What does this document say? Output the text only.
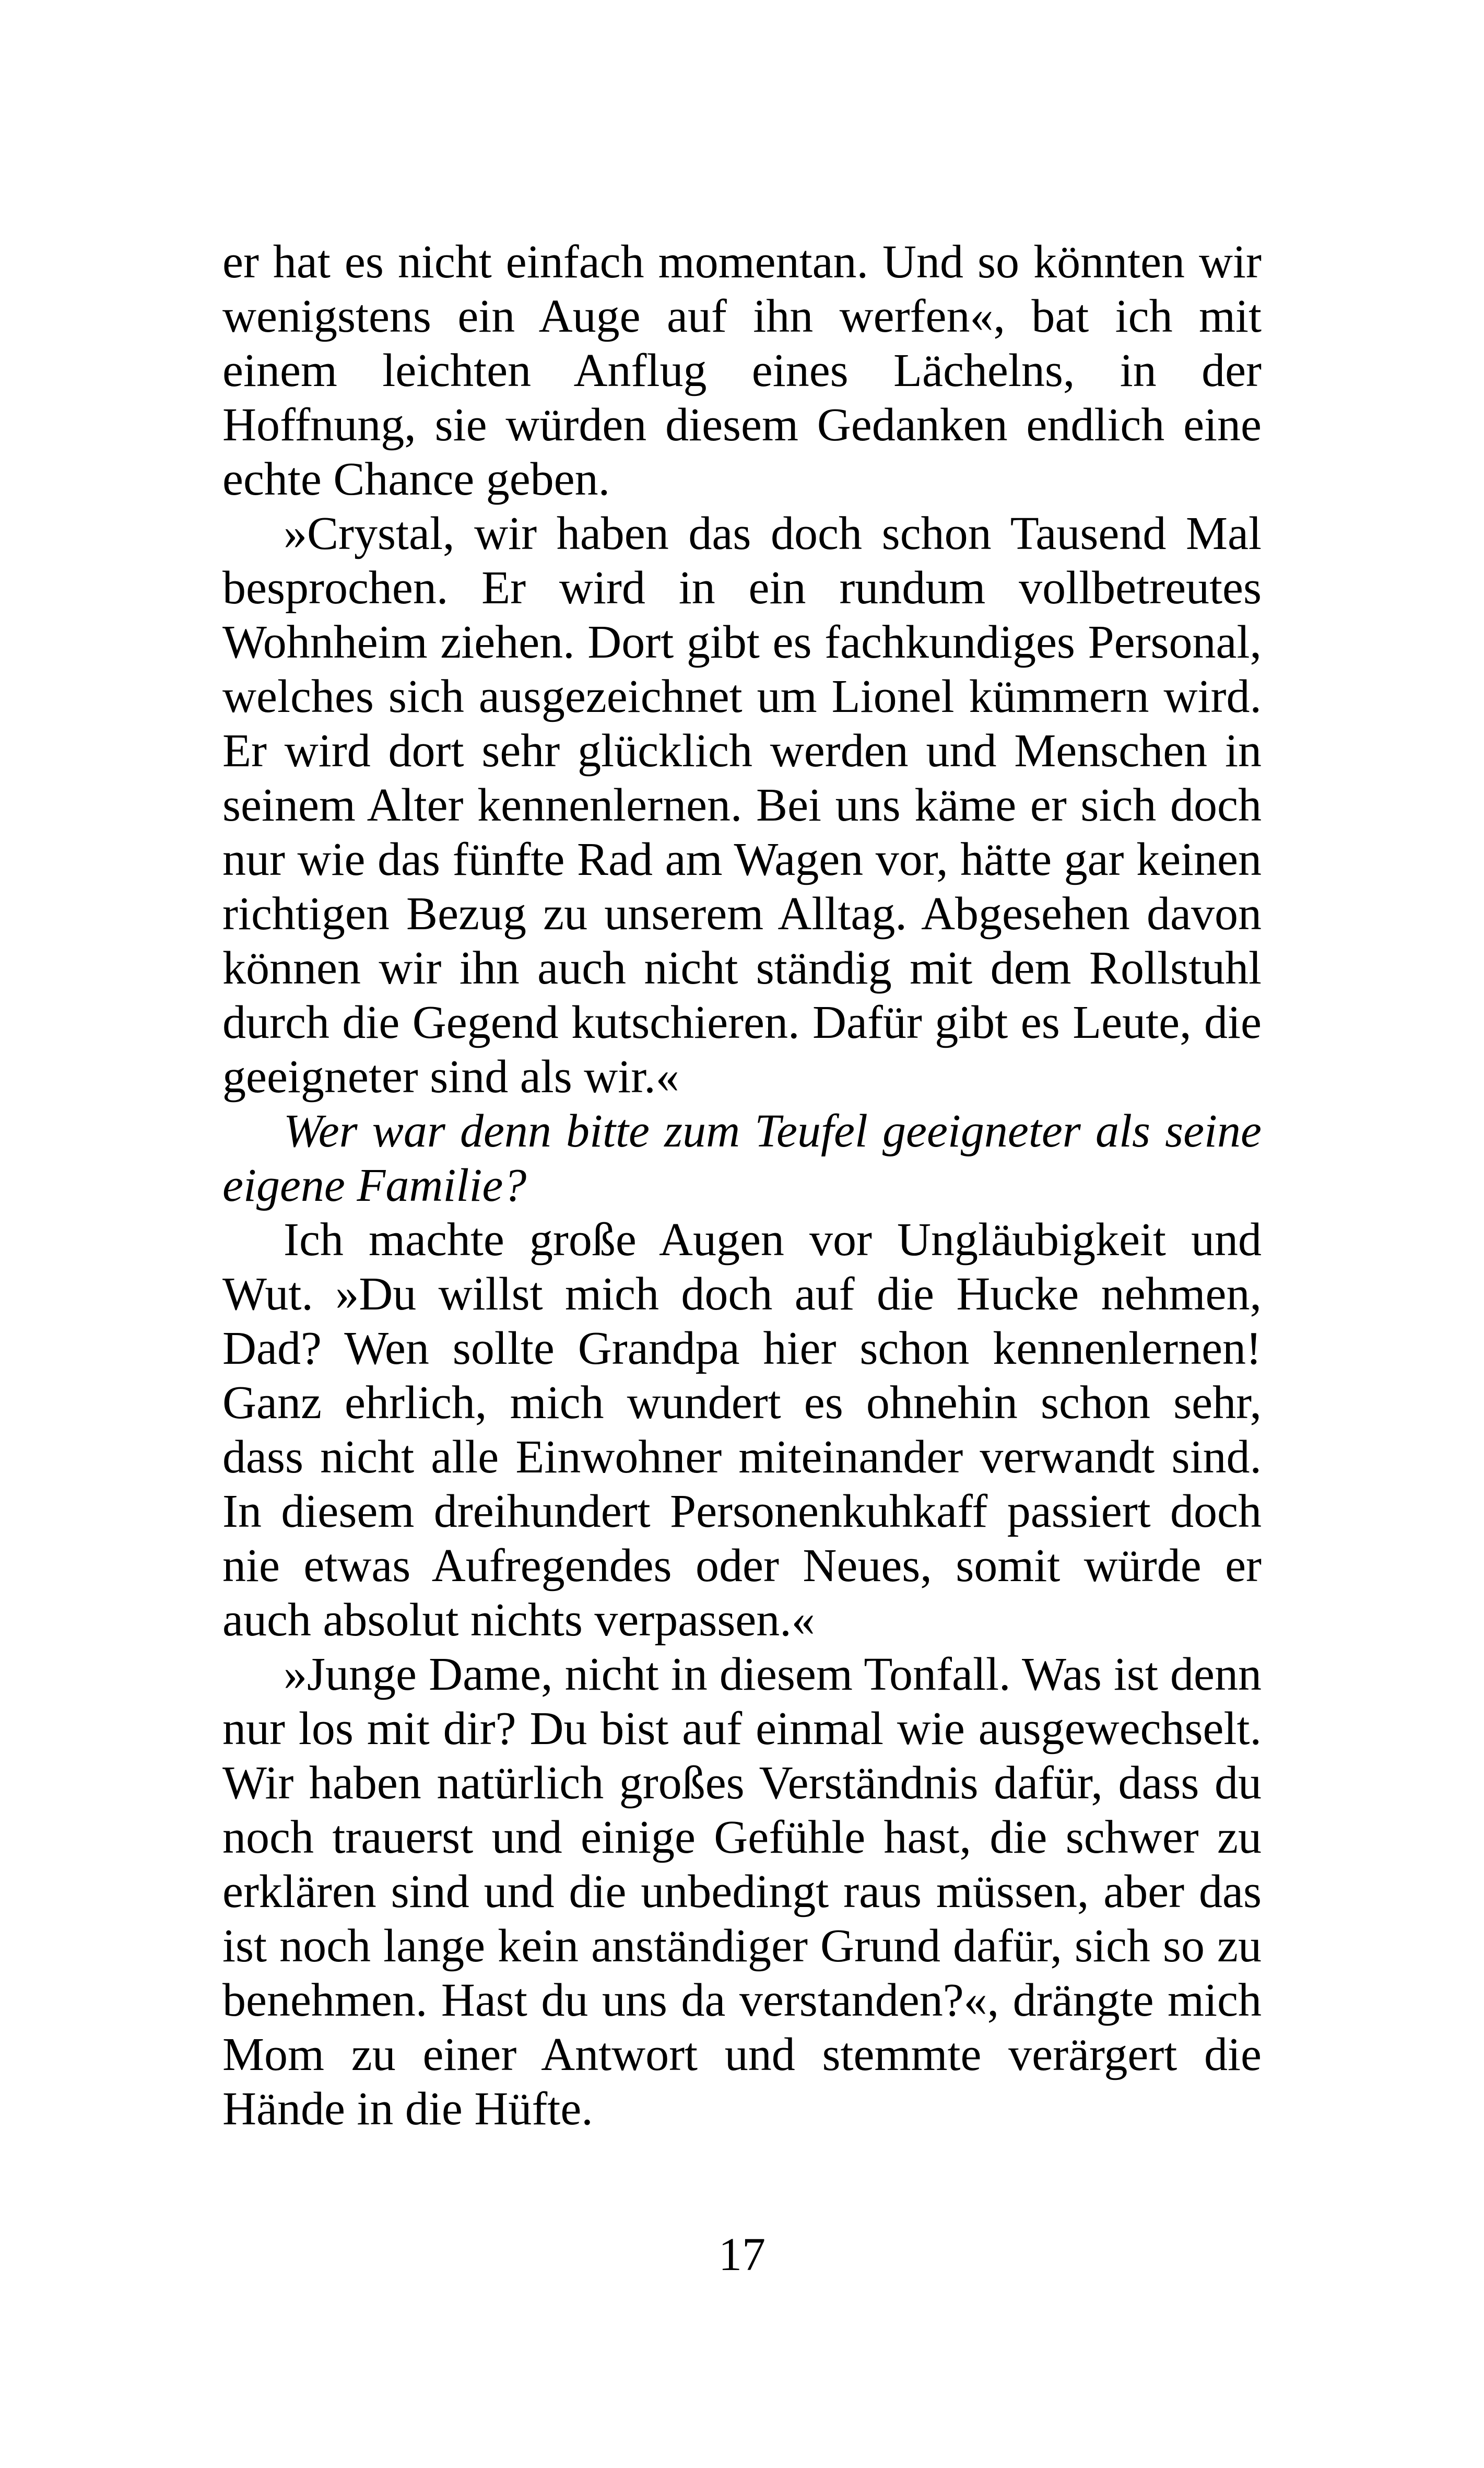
er hat es nicht einfach momentan. Und so könnten wir wenigstens ein Auge auf ihn werfen«, bat ich mit einem leichten Anflug eines Lächelns, in der Hoffnung, sie würden diesem Gedanken endlich eine echte Chance geben.

»Crystal, wir haben das doch schon Tausend Mal besprochen. Er wird in ein rundum vollbetreutes Wohnheim ziehen. Dort gibt es fachkundiges Personal, welches sich ausgezeichnet um Lionel kümmern wird. Er wird dort sehr glücklich werden und Menschen in seinem Alter kennenlernen. Bei uns käme er sich doch nur wie das fünfte Rad am Wagen vor, hätte gar keinen richtigen Bezug zu unserem Alltag. Abgesehen davon können wir ihn auch nicht ständig mit dem Rollstuhl durch die Gegend kutschieren. Dafür gibt es Leute, die geeigneter sind als wir.«

Wer war denn bitte zum Teufel geeigneter als seine eigene Familie?

Ich machte große Augen vor Ungläubigkeit und Wut. »Du willst mich doch auf die Hucke nehmen, Dad? Wen sollte Grandpa hier schon kennenlernen! Ganz ehrlich, mich wundert es ohnehin schon sehr, dass nicht alle Einwohner miteinander verwandt sind. In diesem dreihundert Personenkuhkaff passiert doch nie etwas Aufregendes oder Neues, somit würde er auch absolut nichts verpassen.«

»Junge Dame, nicht in diesem Tonfall. Was ist denn nur los mit dir? Du bist auf einmal wie ausgewechselt. Wir haben natürlich großes Verständnis dafür, dass du noch trauerst und einige Gefühle hast, die schwer zu erklären sind und die unbedingt raus müssen, aber das ist noch lange kein anständiger Grund dafür, sich so zu benehmen. Hast du uns da verstanden?«, drängte mich Mom zu einer Antwort und stemmte verärgert die Hände in die Hüfte.

17
